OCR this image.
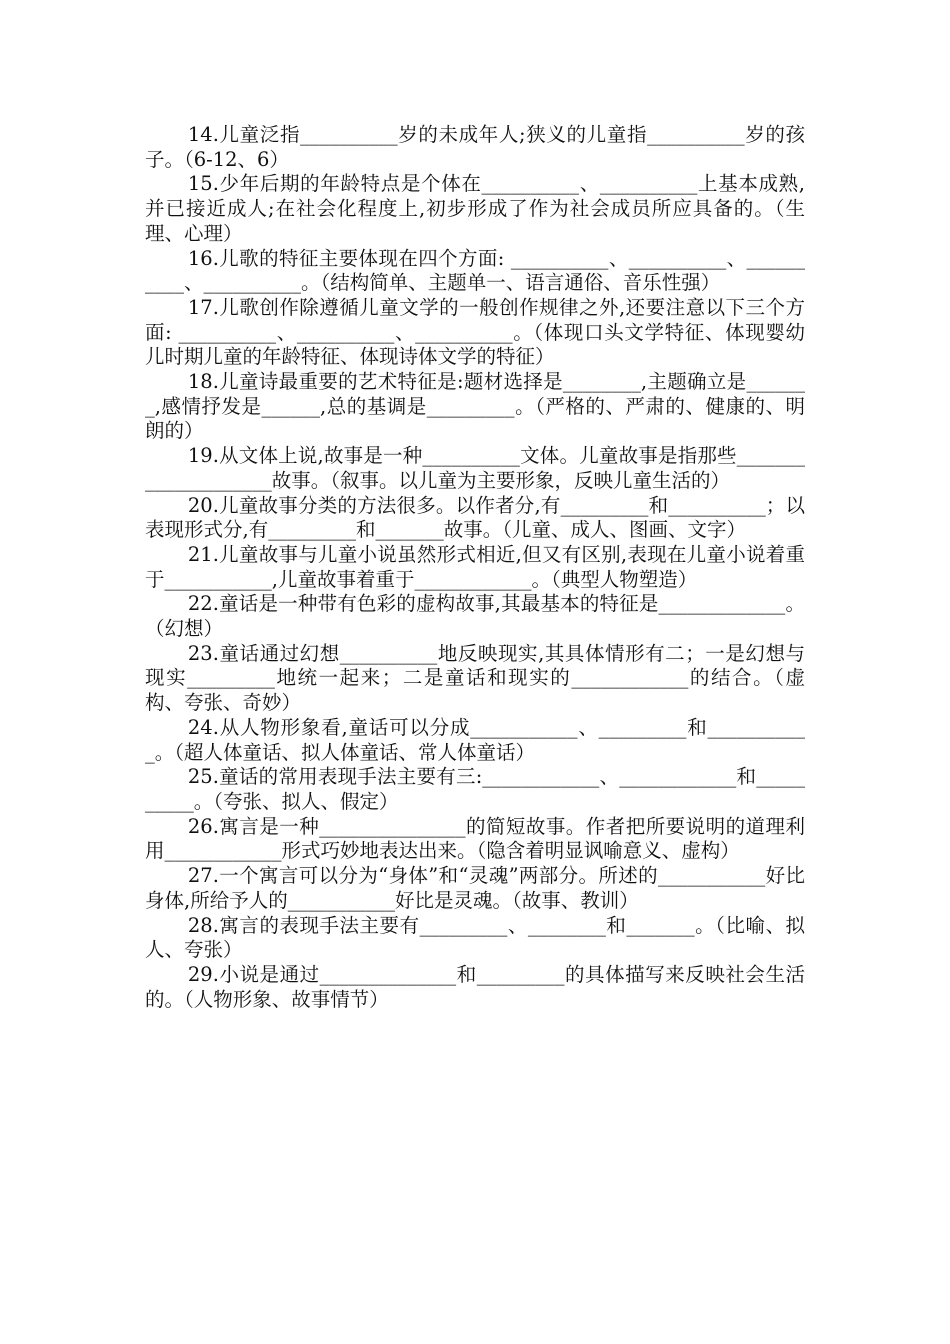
14.儿童泛指__________岁的未成年人;狭义的儿童指__________岁的孩子。（6-12、6）

15.少年后期的年龄特点是个体在__________、__________上基本成熟,并已接近成人;在社会化程度上,初步形成了作为社会成员所应具备的。（生理、心理）

16.儿歌的特征主要体现在四个方面: __________、__________、__________、__________。（结构简单、主题单一、语言通俗、音乐性强）

17.儿歌创作除遵循儿童文学的一般创作规律之外,还要注意以下三个方面: __________、__________、__________。（体现口头文学特征、体现婴幼儿时期儿童的年龄特征、体现诗体文学的特征）

18.儿童诗最重要的艺术特征是:题材选择是________,主题确立是_______,感情抒发是______,总的基调是_________。（严格的、严肃的、健康的、明朗的）

19.从文体上说,故事是一种__________文体。儿童故事是指那些____________________故事。（叙事。以儿童为主要形象，反映儿童生活的）

20.儿童故事分类的方法很多。以作者分,有_________和__________；以表现形式分,有_________和_______故事。（儿童、成人、图画、文字）

21.儿童故事与儿童小说虽然形式相近,但又有区别,表现在儿童小说着重于___________,儿童故事着重于____________。（典型人物塑造）

22.童话是一种带有色彩的虚构故事,其最基本的特征是_____________。（幻想）

23.童话通过幻想__________地反映现实,其具体情形有二；一是幻想与现实_________地统一起来；二是童话和现实的____________的结合。（虚构、夸张、奇妙）

24.从人物形象看,童话可以分成___________、_________和___________。（超人体童话、拟人体童话、常人体童话）

25.童话的常用表现手法主要有三:____________、____________和__________。（夸张、拟人、假定）

26.寓言是一种_______________的简短故事。作者把所要说明的道理利用____________形式巧妙地表达出来。（隐含着明显讽喻意义、虚构）

27.一个寓言可以分为“身体”和“灵魂”两部分。所述的___________好比身体,所给予人的___________好比是灵魂。（故事、教训）

28.寓言的表现手法主要有_________、________和_______。（比喻、拟人、夸张）

29.小说是通过______________和_________的具体描写来反映社会生活的。（人物形象、故事情节）
